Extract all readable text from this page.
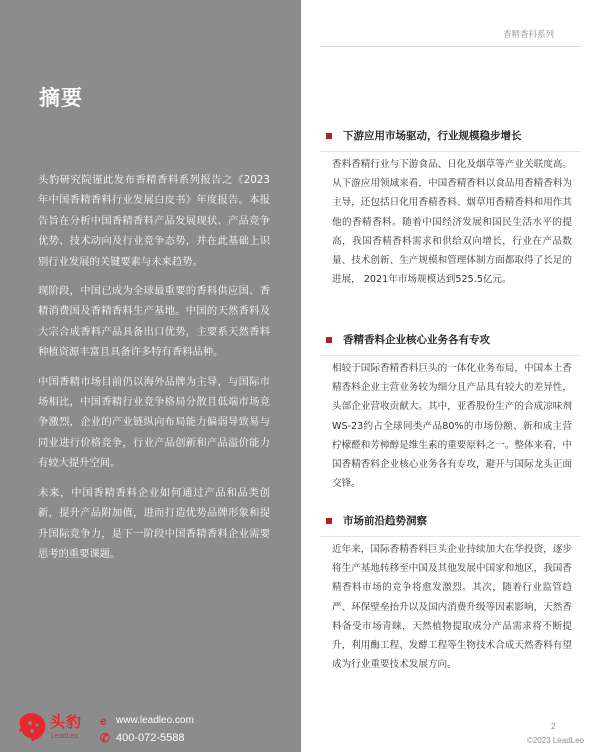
摘要

头豹研究院谨此发布香精香料系列报告之《2023年中国香精香料行业发展白皮书》年度报告。本报告旨在分析中国香精香料产品发展现状、产品竞争优势、技术动向及行业竞争态势，并在此基础上识别行业发展的关键要素与未来趋势。

现阶段，中国已成为全球最重要的香料供应国、香精消费国及香精香料生产基地。中国的天然香料及大宗合成香料产品具备出口优势，主要系天然香料种植资源丰富且具备许多特有香料品种。

中国香精市场目前仍以海外品牌为主导，与国际市场相比，中国香精行业竞争格局分散且低端市场竞争激烈，企业的产业链纵向布局能力偏弱导致易与同业进行价格竞争，行业产品创新和产品溢价能力有较大提升空间。

未来，中国香精香料企业如何通过产品和品类创新，提升产品附加值，进而打造优势品牌形象和提升国际竞争力，是下一阶段中国香精香料企业需要思考的重要课题。

头豹
LeadLeo
e www.leadleo.com
✆ 400-072-5588
香精香料系列
下游应用市场驱动，行业规模稳步增长
香料香精行业与下游食品、日化及烟草等产业关联度高。从下游应用领域来看，中国香精香料以食品用香精香料为主导，还包括日化用香精香料、烟草用香精香料和用作其他的香精香料。随着中国经济发展和国民生活水平的提高，我国香精香料需求和供给双向增长，行业在产品数量、技术创新、生产规模和管理体制方面都取得了长足的进展， 2021年市场规模达到525.5亿元。
香精香料企业核心业务各有专攻
相较于国际香精香料巨头的一体化业务布局，中国本土香精香料企业主营业务较为细分且产品具有较大的差异性，头部企业营收贡献大。其中，亚香股份生产的合成凉味剂WS-23约占全球同类产品80%的市场份额、新和成主营柠檬醛和芳樟醇是维生素的重要原料之一。整体来看，中国香精香料企业核心业务各有专攻，避开与国际龙头正面交锋。
市场前沿趋势洞察
近年来，国际香精香料巨头企业持续加大在华投资，逐步将生产基地转移至中国及其他发展中国家和地区，我国香精香料市场的竞争将愈发激烈。其次，随着行业监管趋严、环保壁垒抬升以及国内消费升级等因素影响，天然香料备受市场青睐，天然植物提取成分产品需求将不断提升，利用酶工程、发酵工程等生物技术合成天然香料有望成为行业重要技术发展方向。
2
©2023 LeadLeo
